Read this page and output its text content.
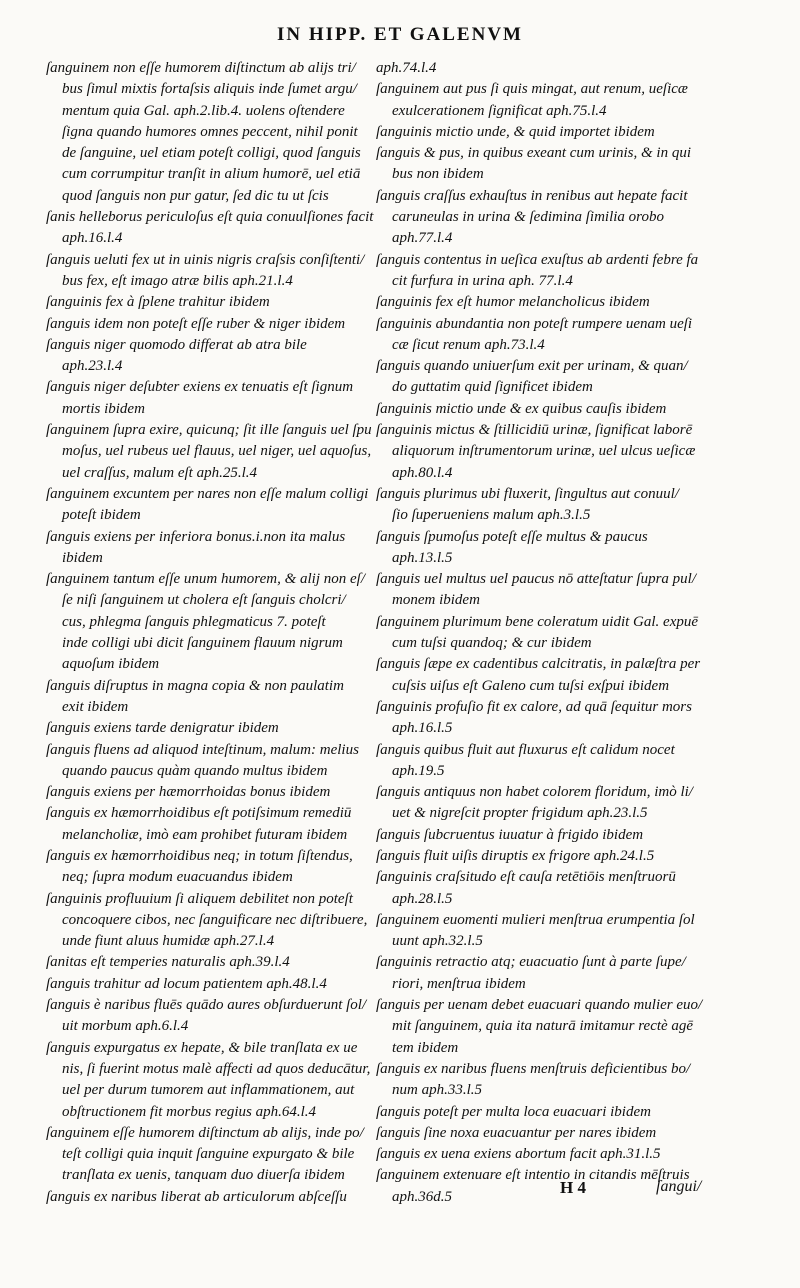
IN HIPP. ET GALENVM
ſanguinem non eſſe humorem diſtinctum ab alijs tri/
bus ſimul mixtis fortaſsis aliquis inde ſumet argu/
mentum quia Gal. aph.2.lib.4. uolens oſtendere
ſigna quando humores omnes peccent, nihil ponit
de ſanguine, uel etiam poteſt colligi, quod ſanguis
cum corrumpitur tranſit in alium humorē, uel etiā
quod ſanguis non pur gatur, ſed dic tu ut ſcis
ſanis helleborus periculoſus eſt quia conuulſiones facit
aph.16.l.4
ſanguis ueluti fex ut in uinis nigris craſsis conſiſtenti/
bus fex, eſt imago atræ bilis aph.21.l.4
ſanguinis fex à ſplene trahitur ibidem
ſanguis idem non poteſt eſſe ruber & niger ibidem
ſanguis niger quomodo differat ab atra bile
aph.23.l.4
ſanguis niger deſubter exiens ex tenuatis eſt ſignum
mortis ibidem
ſanguinem ſupra exire, quicunq; ſit ille ſanguis uel ſpu
moſus, uel rubeus uel flauus, uel niger, uel aquoſus,
uel craſſus, malum eſt aph.25.l.4
ſanguinem excuntem per nares non eſſe malum colligi
poteſt ibidem
ſanguis exiens per inferiora bonus.i.non ita malus
ibidem
ſanguinem tantum eſſe unum humorem, & alij non eſ/
ſe niſi ſanguinem ut cholera eſt ſanguis cholcri/
cus, phlegma ſanguis phlegmaticus 7. poteſt
inde colligi ubi dicit ſanguinem flauum nigrum
aquoſum ibidem
ſanguis diſruptus in magna copia & non paulatim
exit ibidem
ſanguis exiens tarde denigratur ibidem
ſanguis fluens ad aliquod inteſtinum, malum: melius
quando paucus quàm quando multus ibidem
ſanguis exiens per hæmorrhoidas bonus ibidem
ſanguis ex hæmorrhoidibus eſt potiſsimum remediū
melancholiæ, imò eam prohibet futuram ibidem
ſanguis ex hæmorrhoidibus neq; in totum ſiſtendus,
neq; ſupra modum euacuandus ibidem
ſanguinis profluuium ſi aliquem debilitet non poteſt
concoquere cibos, nec ſanguificare nec diſtribuere,
unde fiunt aluus humidæ aph.27.l.4
ſanitas eſt temperies naturalis aph.39.l.4
ſanguis trahitur ad locum patientem aph.48.l.4
ſanguis è naribus fluēs quādo aures obſurduerunt ſol/
uit morbum aph.6.l.4
ſanguis expurgatus ex hepate, & bile tranſlata ex ue
nis, ſi fuerint motus malè affecti ad quos deducātur,
uel per durum tumorem aut inflammationem, aut
obſtructionem fit morbus regius aph.64.l.4
ſanguinem eſſe humorem diſtinctum ab alijs, inde po/
teſt colligi quia inquit ſanguine expurgato & bile
tranſlata ex uenis, tanquam duo diuerſa ibidem
ſanguis ex naribus liberat ab articulorum abſceſſu
aph.74.l.4
ſanguinem aut pus ſi quis mingat, aut renum, ueſicæ
exulcerationem ſignificat aph.75.l.4
ſanguinis mictio unde, & quid importet ibidem
ſanguis & pus, in quibus exeant cum urinis, & in qui
bus non ibidem
ſanguis craſſus exhauſtus in renibus aut hepate facit
caruneulas in urina & ſedimina ſimilia orobo
aph.77.l.4
ſanguis contentus in ueſica exuſtus ab ardenti febre fa
cit furfura in urina aph. 77.l.4
ſanguinis fex eſt humor melancholicus ibidem
ſanguinis abundantia non poteſt rumpere uenam ueſi
cæ ſicut renum aph.73.l.4
ſanguis quando uniuerſum exit per urinam, & quan/
do guttatim quid ſignificet ibidem
ſanguinis mictio unde & ex quibus cauſis ibidem
ſanguinis mictus & ſtillicidiū urinæ, ſignificat laborē
aliquorum inſtrumentorum urinæ, uel ulcus ueſicæ
aph.80.l.4
ſanguis plurimus ubi fluxerit, ſingultus aut conuul/
ſio ſuperueniens malum aph.3.l.5
ſanguis ſpumoſus poteſt eſſe multus & paucus
aph.13.l.5
ſanguis uel multus uel paucus nō atteſtatur ſupra pul/
monem ibidem
ſanguinem plurimum bene coleratum uidit Gal. expuē
cum tuſsi quandoq; & cur ibidem
ſanguis ſæpe ex cadentibus calcitratis, in palæſtra per
cuſsis uiſus eſt Galeno cum tuſsi exſpui ibidem
ſanguinis profuſio fit ex calore, ad quā ſequitur mors
aph.16.l.5
ſanguis quibus fluit aut fluxurus eſt calidum nocet
aph.19.5
ſanguis antiquus non habet colorem floridum, imò li/
uet & nigreſcit propter frigidum aph.23.l.5
ſanguis ſubcruentus iuuatur à frigido ibidem
ſanguis fluit uiſis diruptis ex frigore aph.24.l.5
ſanguinis craſsitudo eſt cauſa retētiōis menſtruorū
aph.28.l.5
ſanguinem euomenti mulieri menſtrua erumpentia ſol
uunt aph.32.l.5
ſanguinis retractio atq; euacuatio ſunt à parte ſupe/
riori, menſtrua ibidem
ſanguis per uenam debet euacuari quando mulier euo/
mit ſanguinem, quia ita naturā imitamur rectè agē
tem ibidem
ſanguis ex naribus fluens menſtruis deficientibus bo/
num aph.33.l.5
ſanguis poteſt per multa loca euacuari ibidem
ſanguis ſine noxa euacuantur per nares ibidem
ſanguis ex uena exiens abortum facit aph.31.l.5
ſanguinem extenuare eſt intentio in citandis mēſtruis
aph.36d.5	H 4	ſangui/
